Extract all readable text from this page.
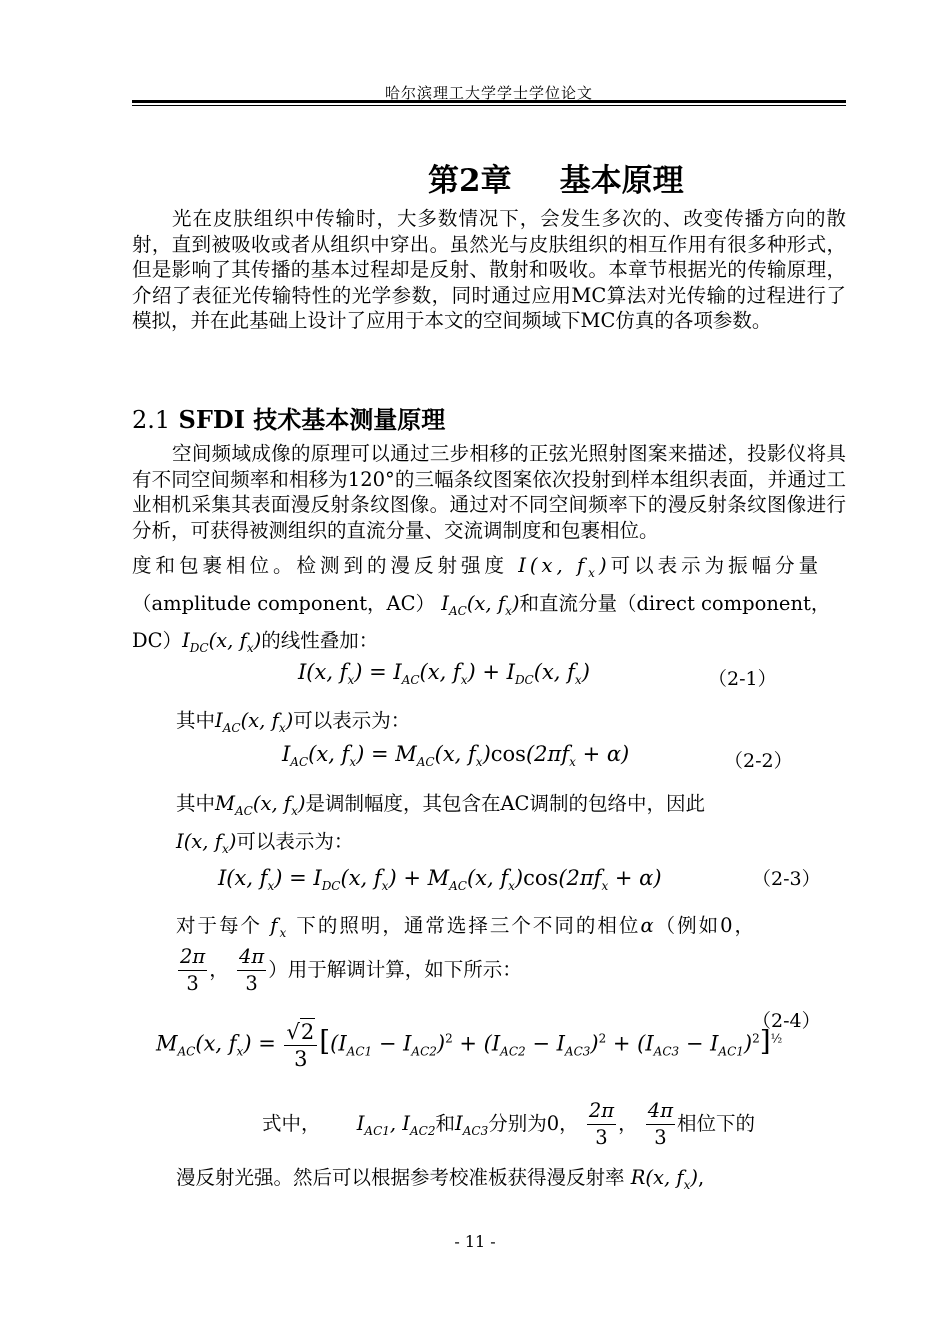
哈尔滨理工大学学士学位论文
第2章 基本原理
光在皮肤组织中传输时，大多数情况下，会发生多次的、改变传播方向的散射，直到被吸收或者从组织中穿出。虽然光与皮肤组织的相互作用有很多种形式，但是影响了其传播的基本过程却是反射、散射和吸收。本章节根据光的传输原理，介绍了表征光传输特性的光学参数，同时通过应用MC算法对光传输的过程进行了模拟，并在此基础上设计了应用于本文的空间频域下MC仿真的各项参数。
2.1 SFDI 技术基本测量原理
空间频域成像的原理可以通过三步相移的正弦光照射图案来描述，投影仪将具有不同空间频率和相移为120°的三幅条纹图案依次投射到样本组织表面，并通过工业相机采集其表面漫反射条纹图像。通过对不同空间频率下的漫反射条纹图像进行分析，可获得被测组织的直流分量、交流调制度和包裹相位。
度和包裹相位。检测到的漫反射强度 I(x, $f_x$)可以表示为振幅分量
（amplitude component，AC） $I_{AC}(x$, $f_x$)和直流分量（direct component，
$DC)I_{DC}(x$, $f_x$)的线性叠加：
I(x, $f_x) = I_{AC}(x$, $f_x) + I_{DC}(x$, $f_x$)	（2-1）
其中$I_{AC}(x$, $f_x$)可以表示为：
$I_{AC}(x$, $f_x) = M_{AC}(x$, $f_x)\cos(2\pi f_x + \alpha)$	（2-2）
其中$M_{AC}(x$, $f_x$)是调制幅度，其包含在AC调制的包络中，因此
I(x, $f_x$)可以表示为：
I(x, $f_x) = I_{DC}(x$, $f_x) + M_{AC}(x$, $f_x)\cos(2\pi f_x + \alpha)$	（2-3）
对于每个 $f_x$ 下的照明，通常选择三个不同的相位α（例如0，
$\frac{2\pi}{3}$ ， $\frac{4\pi}{3}$ ）用于解调计算，如下所示：
$M_{AC}(x$, $f_x) = \frac{√2}{3} [(I_{AC1} - I_{AC2})^2 + (I_{AC2} - I_{AC3})^2 + (I_{AC3} - I_{AC1})^2]^{\frac{1}{2}}$
（2-4）
式中， $I_{AC1}$, $I_{AC2}$和$I_{AC3}$分别为0， $\frac{2\pi}{3}$ ， $\frac{4\pi}{3}$ 相位下的
漫反射光强。然后可以根据参考校准板获得漫反射率 R(x, $f_x$),
- 11 -
